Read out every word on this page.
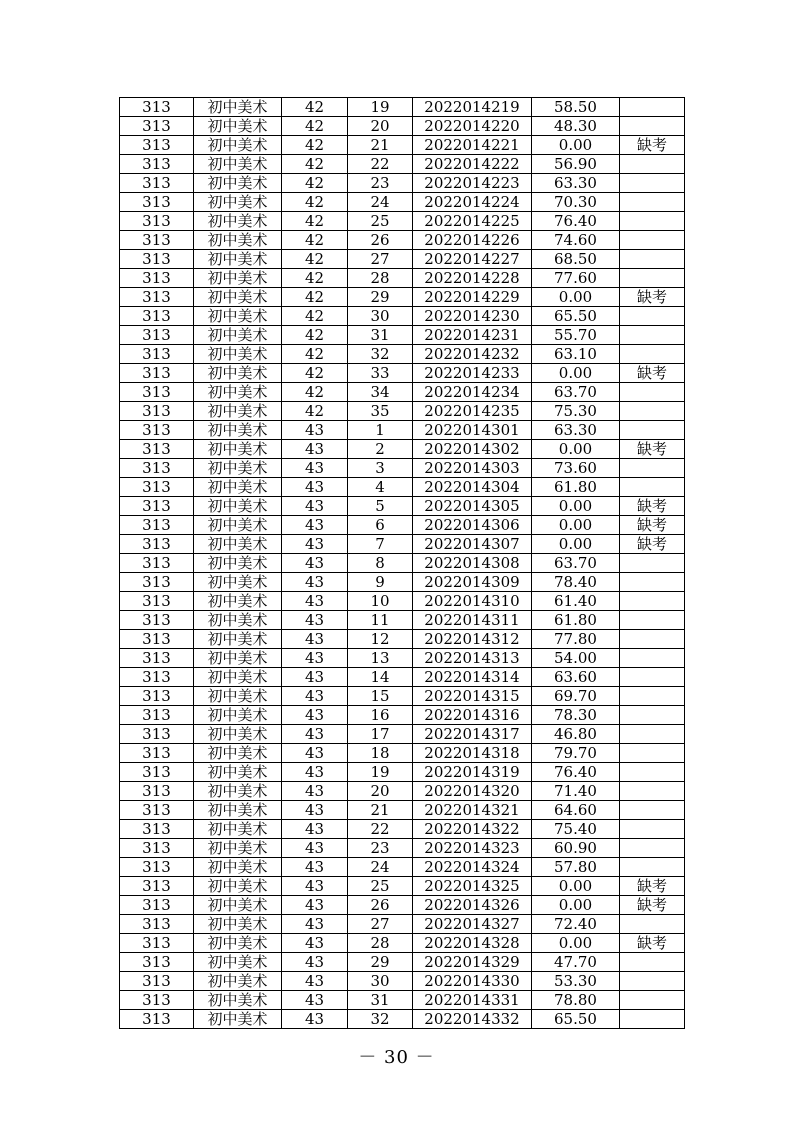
313	初中美术	42	19	2022014219	58.50	
313	初中美术	42	20	2022014220	48.30	
313	初中美术	42	21	2022014221	0.00	缺考
313	初中美术	42	22	2022014222	56.90	
313	初中美术	42	23	2022014223	63.30	
313	初中美术	42	24	2022014224	70.30	
313	初中美术	42	25	2022014225	76.40	
313	初中美术	42	26	2022014226	74.60	
313	初中美术	42	27	2022014227	68.50	
313	初中美术	42	28	2022014228	77.60	
313	初中美术	42	29	2022014229	0.00	缺考
313	初中美术	42	30	2022014230	65.50	
313	初中美术	42	31	2022014231	55.70	
313	初中美术	42	32	2022014232	63.10	
313	初中美术	42	33	2022014233	0.00	缺考
313	初中美术	42	34	2022014234	63.70	
313	初中美术	42	35	2022014235	75.30	
313	初中美术	43	1	2022014301	63.30	
313	初中美术	43	2	2022014302	0.00	缺考
313	初中美术	43	3	2022014303	73.60	
313	初中美术	43	4	2022014304	61.80	
313	初中美术	43	5	2022014305	0.00	缺考
313	初中美术	43	6	2022014306	0.00	缺考
313	初中美术	43	7	2022014307	0.00	缺考
313	初中美术	43	8	2022014308	63.70	
313	初中美术	43	9	2022014309	78.40	
313	初中美术	43	10	2022014310	61.40	
313	初中美术	43	11	2022014311	61.80	
313	初中美术	43	12	2022014312	77.80	
313	初中美术	43	13	2022014313	54.00	
313	初中美术	43	14	2022014314	63.60	
313	初中美术	43	15	2022014315	69.70	
313	初中美术	43	16	2022014316	78.30	
313	初中美术	43	17	2022014317	46.80	
313	初中美术	43	18	2022014318	79.70	
313	初中美术	43	19	2022014319	76.40	
313	初中美术	43	20	2022014320	71.40	
313	初中美术	43	21	2022014321	64.60	
313	初中美术	43	22	2022014322	75.40	
313	初中美术	43	23	2022014323	60.90	
313	初中美术	43	24	2022014324	57.80	
313	初中美术	43	25	2022014325	0.00	缺考
313	初中美术	43	26	2022014326	0.00	缺考
313	初中美术	43	27	2022014327	72.40	
313	初中美术	43	28	2022014328	0.00	缺考
313	初中美术	43	29	2022014329	47.70	
313	初中美术	43	30	2022014330	53.30	
313	初中美术	43	31	2022014331	78.80	
313	初中美术	43	32	2022014332	65.50	
－ 30 －
